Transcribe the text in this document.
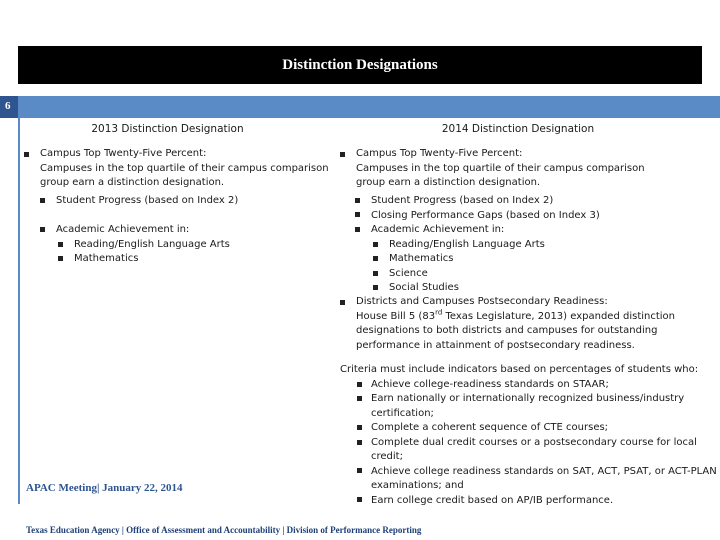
Distinction Designations
6
2013 Distinction Designation
Campus Top Twenty-Five Percent:
Campuses in the top quartile of their campus comparison
group earn a distinction designation.
Student Progress (based on Index 2)
Academic Achievement in:
Reading/English Language Arts
Mathematics
2014 Distinction Designation
Campus Top Twenty-Five Percent:
Campuses in the top quartile of their campus comparison
group earn a distinction designation.
Student Progress (based on Index 2)
Closing Performance Gaps (based on Index 3)
Academic Achievement in:
Reading/English Language Arts
Mathematics
Science
Social Studies
Districts and Campuses Postsecondary Readiness:
House Bill 5 (83rd Texas Legislature, 2013) expanded distinction
designations to both districts and campuses for outstanding
performance in attainment of postsecondary readiness.
Criteria must include indicators based on percentages of students who:
Achieve college-readiness standards on STAAR;
Earn nationally or internationally recognized business/industry
certification;
Complete a coherent sequence of CTE courses;
Complete dual credit courses or a postsecondary course for local
credit;
Achieve college readiness standards on SAT, ACT, PSAT, or ACT-PLAN
examinations; and
Earn college credit based on AP/IB performance.
APAC Meeting| January 22, 2014
Texas Education Agency | Office of Assessment and Accountability | Division of Performance Reporting
